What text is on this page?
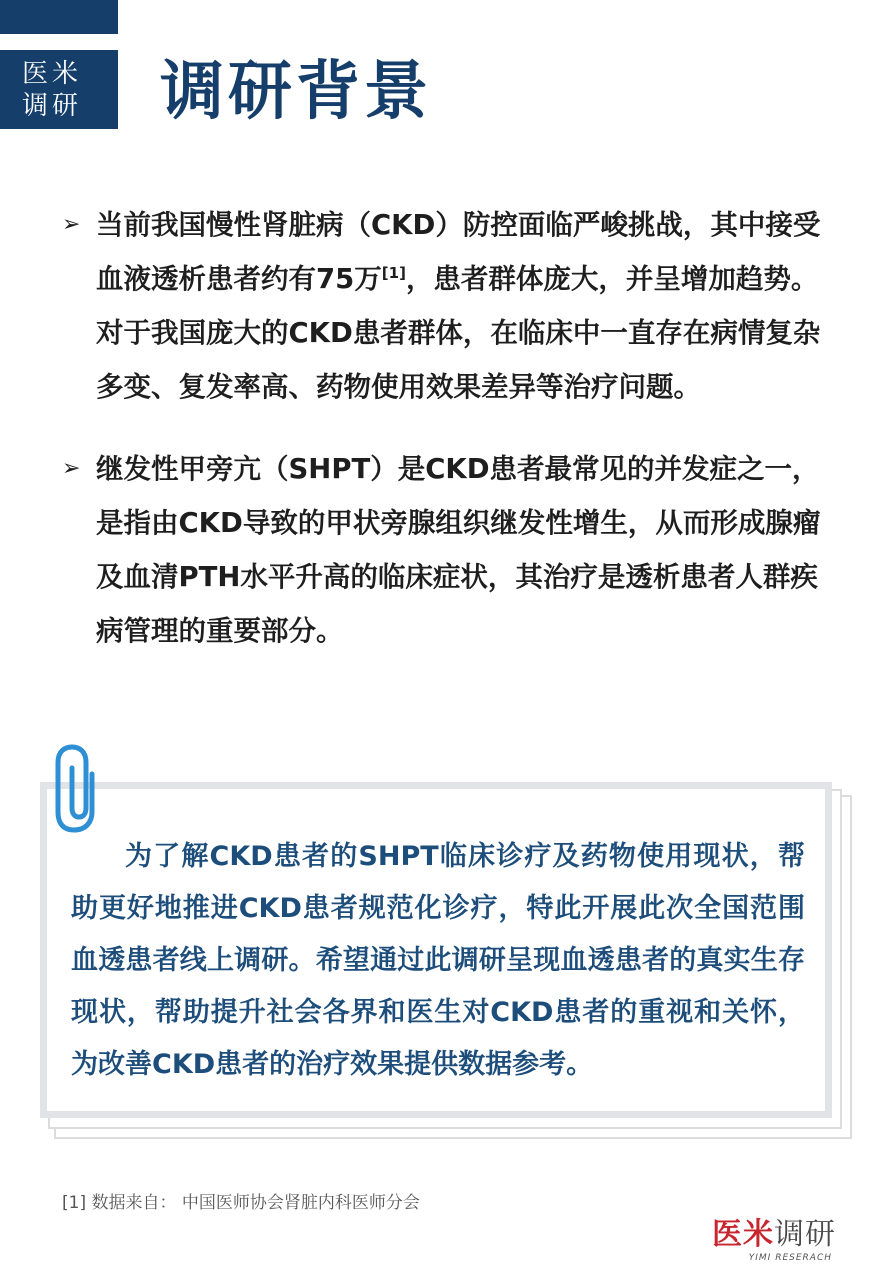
医米
调研	调研背景
➢ 当前我国慢性肾脏病（CKD）防控面临严峻挑战，其中接受血液透析患者约有75万[1]，患者群体庞大，并呈增加趋势。对于我国庞大的CKD患者群体，在临床中一直存在病情复杂多变、复发率高、药物使用效果差异等治疗问题。
➢ 继发性甲旁亢（SHPT）是CKD患者最常见的并发症之一，是指由CKD导致的甲状旁腺组织继发性增生，从而形成腺瘤及血清PTH水平升高的临床症状，其治疗是透析患者人群疾病管理的重要部分。
为了解CKD患者的SHPT临床诊疗及药物使用现状，帮助更好地推进CKD患者规范化诊疗，特此开展此次全国范围血透患者线上调研。希望通过此调研呈现血透患者的真实生存现状，帮助提升社会各界和医生对CKD患者的重视和关怀，为改善CKD患者的治疗效果提供数据参考。
[1] 数据来自： 中国医师协会肾脏内科医师分会
医米调研
YIMI RESERACH
